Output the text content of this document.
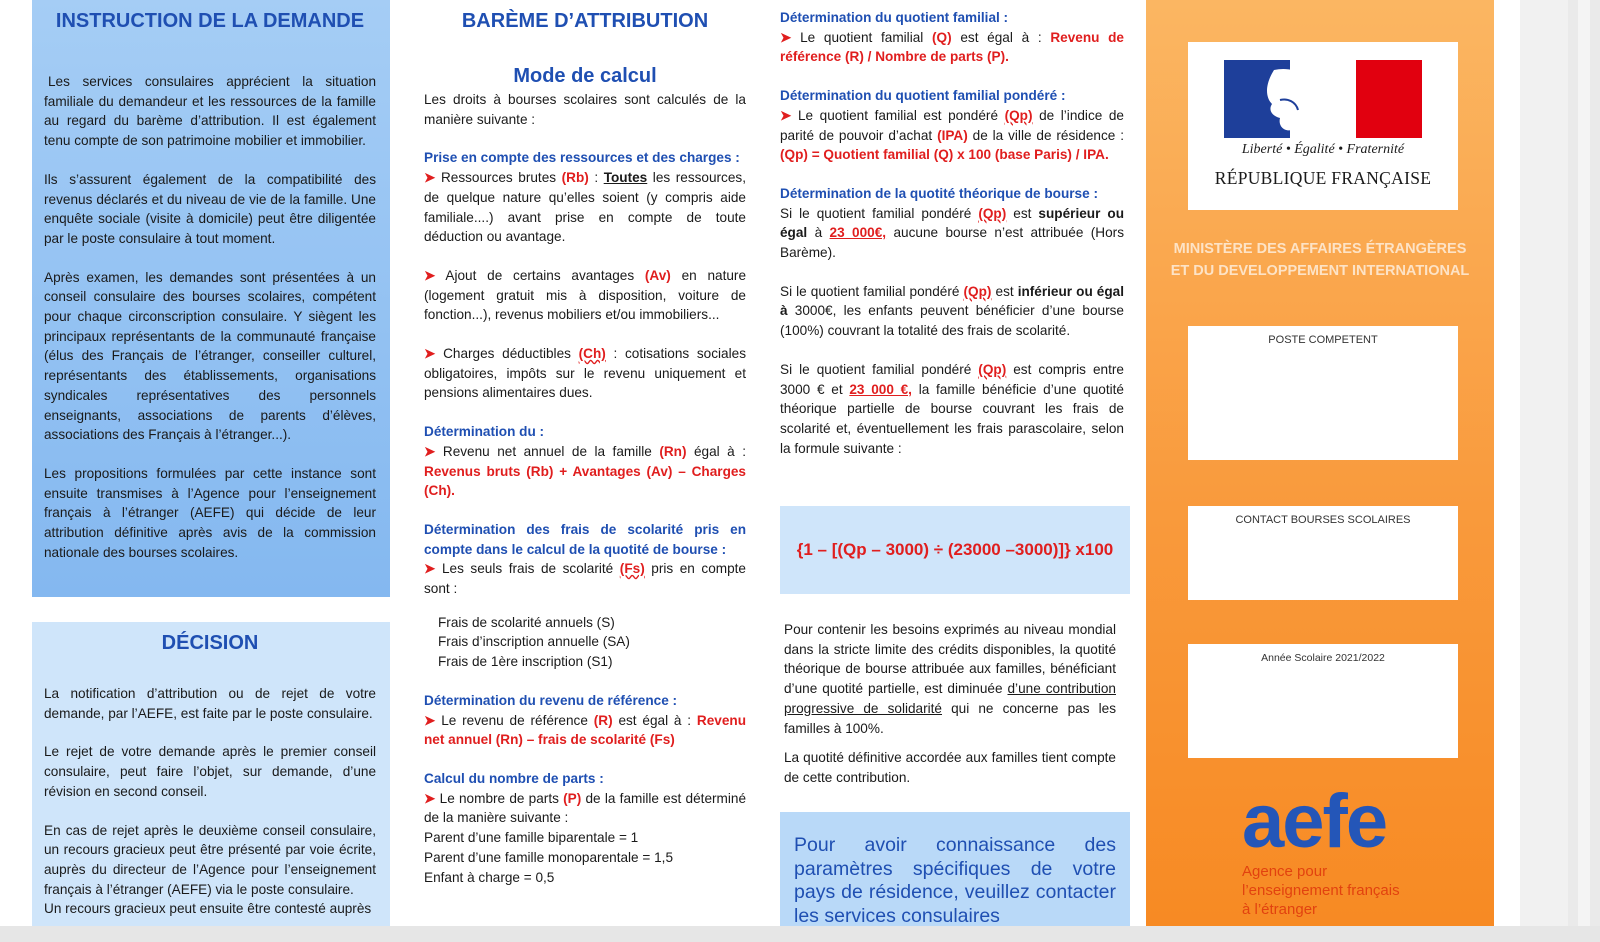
INSTRUCTION DE LA DEMANDE

Les services consulaires apprécient la situation familiale du demandeur et les ressources de la famille au regard du barème d’attribution. Il est également tenu compte de son patrimoine mobilier et immobilier.

Ils s’assurent également de la compatibilité des revenus déclarés et du niveau de vie de la famille. Une enquête sociale (visite à domicile) peut être diligentée par le poste consulaire à tout moment.

Après examen, les demandes sont présentées à un conseil consulaire des bourses scolaires, compétent pour chaque circonscription consulaire. Y siègent les principaux représentants de la communauté française (élus des Français de l’étranger, conseiller culturel, représentants des établissements, organisations syndicales représentatives des personnels enseignants, associations de parents d’élèves, associations des Français à l’étranger...).

Les propositions formulées par cette instance sont ensuite transmises à l’Agence pour l’enseignement français à l’étranger (AEFE) qui décide de leur attribution définitive après avis de la commission nationale des bourses scolaires.

DÉCISION

La notification d’attribution ou de rejet de votre demande, par l’AEFE, est faite par le poste consulaire.

Le rejet de votre demande après le premier conseil consulaire, peut faire l’objet, sur demande, d’une révision en second conseil.

En cas de rejet après le deuxième conseil consulaire, un recours gracieux peut être présenté par voie écrite, auprès du directeur de l’Agence pour l’enseignement français à l’étranger (AEFE) via le poste consulaire.

Un recours gracieux peut ensuite être contesté auprès

BARÈME D’ATTRIBUTION
Mode de calcul

Les droits à bourses scolaires sont calculés de la manière suivante :

Prise en compte des ressources et des charges :

➤ Ressources brutes (Rb) : Toutes les ressources, de quelque nature qu’elles soient (y compris aide familiale....) avant prise en compte de toute déduction ou avantage.

➤ Ajout de certains avantages (Av) en nature (logement gratuit mis à disposition, voiture de fonction...), revenus mobiliers et/ou immobiliers...

➤ Charges déductibles (Ch) : cotisations sociales obligatoires, impôts sur le revenu uniquement et pensions alimentaires dues.

Détermination du :

➤ Revenu net annuel de la famille (Rn) égal à : Revenus bruts (Rb) + Avantages (Av) – Charges (Ch).

Détermination des frais de scolarité pris en compte dans le calcul de la quotité de bourse :

➤ Les seuls frais de scolarité (Fs) pris en compte sont :

Frais de scolarité annuels (S)
Frais d’inscription annuelle (SA)
Frais de 1ère inscription (S1)
Détermination du revenu de référence :

➤ Le revenu de référence (R) est égal à : Revenu net annuel (Rn) – frais de scolarité (Fs)

Calcul du nombre de parts :

➤ Le nombre de parts (P) de la famille est déterminé de la manière suivante :

Parent d’une famille biparentale = 1
Parent d’une famille monoparentale = 1,5
Enfant à charge = 0,5
Détermination du quotient familial :

➤ Le quotient familial (Q) est égal à : Revenu de référence (R) / Nombre de parts (P).

Détermination du quotient familial pondéré :

➤ Le quotient familial est pondéré (Qp) de l’indice de parité de pouvoir d’achat (IPA) de la ville de résidence : (Qp) = Quotient familial (Q) x 100 (base Paris) / IPA.

Détermination de la quotité théorique de bourse :

Si le quotient familial pondéré (Qp) est supérieur ou égal à 23 000€, aucune bourse n’est attribuée (Hors Barème).

Si le quotient familial pondéré (Qp) est inférieur ou égal à 3000€, les enfants peuvent bénéficier d’une bourse (100%) couvrant la totalité des frais de scolarité.

Si le quotient familial pondéré (Qp) est compris entre 3000 € et 23 000 €, la famille bénéficie d’une quotité théorique partielle de bourse couvrant les frais de scolarité et, éventuellement les frais parascolaire, selon la formule suivante :

{1 – [(Qp – 3000) ÷ (23000 –3000)]} x100

Pour contenir les besoins exprimés au niveau mondial dans la stricte limite des crédits disponibles, la quotité théorique de bourse attribuée aux familles, bénéficiant d’une quotité partielle, est diminuée d’une contribution progressive de solidarité qui ne concerne pas les familles à 100%.

La quotité définitive accordée aux familles tient compte de cette contribution.

Pour avoir connaissance des paramètres spécifiques de votre pays de résidence, veuillez contacter les services consulaires
Liberté • Égalité • Fraternité
RÉPUBLIQUE FRANÇAISE
MINISTÈRE DES AFFAIRES ÉTRANGÈRES
ET DU DEVELOPPEMENT INTERNATIONAL
POSTE COMPETENT
CONTACT BOURSES SCOLAIRES
Année Scolaire 2021/2022
aefe
Agence pour
l’enseignement français
à l’étranger
